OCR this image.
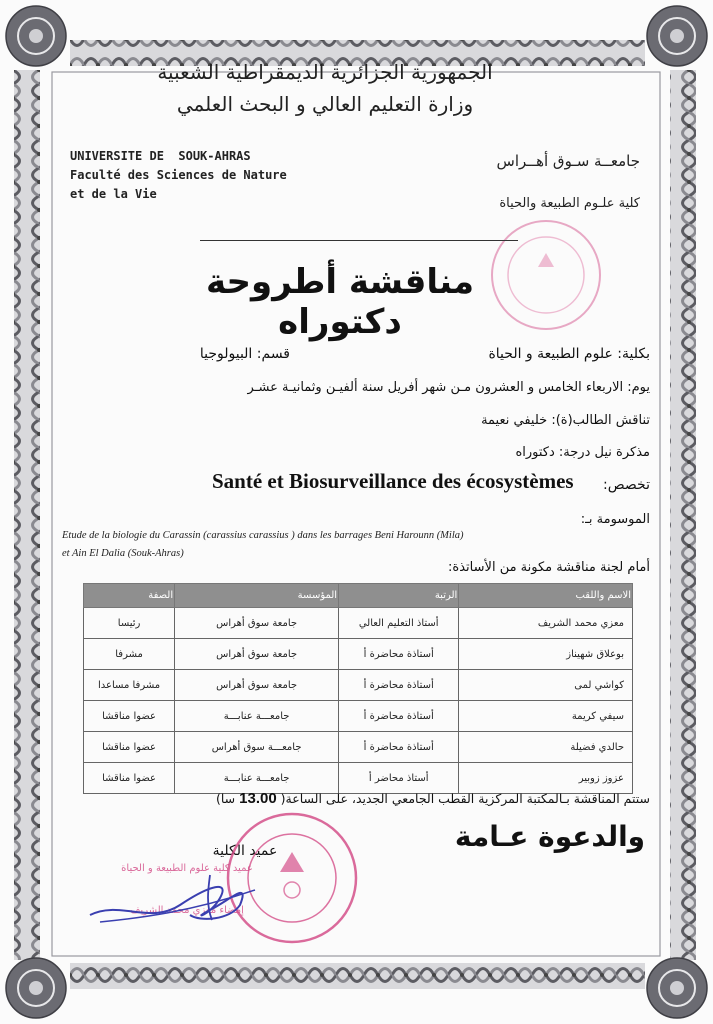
الجمهورية الجزائرية الديمقراطية الشعبية
وزارة التعليم العالي و البحث العلمي
UNIVERSITE DE  SOUK-AHRAS
Faculté des Sciences de Nature
et de la Vie
جامعــة سـوق أهــراس
كلية علـوم الطبيعة والحياة
مناقشة أطروحة دكتوراه
بكلية: علوم الطبيعة و الحياة
قسم: البيولوجيا
يوم: الاربعاء الخامس و العشرون مـن شهر أفريل سنة ألفيـن وثمانيـة عشـر
تناقش الطالب(ة): خليفي نعيمة
مذكرة نيل درجة: دكتوراه
تخصص:
Santé et Biosurveillance des écosystèmes
الموسومة بـ:
Etude de la biologie du Carassin (carassius carassius ) dans les barrages Beni Harounn (Mila)
et Ain El Dalia (Souk-Ahras)
أمام لجنة مناقشة مكونة من الأساتذة:
الاسم واللقب	الرتبة	المؤسسة	الصفة
معزي محمد الشريف	أستاذ التعليم العالي	جامعة سوق أهراس	رئيسا
بوعلاق شهيناز	أستاذة محاضرة أ	جامعة سوق أهراس	مشرفا
كواشي لمى	أستاذة محاضرة أ	جامعة سوق أهراس	مشرفا مساعدا
سيفي كريمة	أستاذة محاضرة أ	جامعـــة عنابـــة	عضوا مناقشا
حالدي فضيلة	أستاذة محاضرة أ	جامعـــة سوق أهراس	عضوا مناقشا
عزوز زوبير	أستاذ محاضر أ	جامعـــة عنابـــة	عضوا مناقشا
ستتم المناقشة بـالمكتبة المركزية القطب الجامعي الجديد، على الساعة( 13.00 سا)
والدعوة عـامة
عميد الكلية
عميد كلية علوم الطبيعة و الحياة
إمضاء معزي محمد الشريف
